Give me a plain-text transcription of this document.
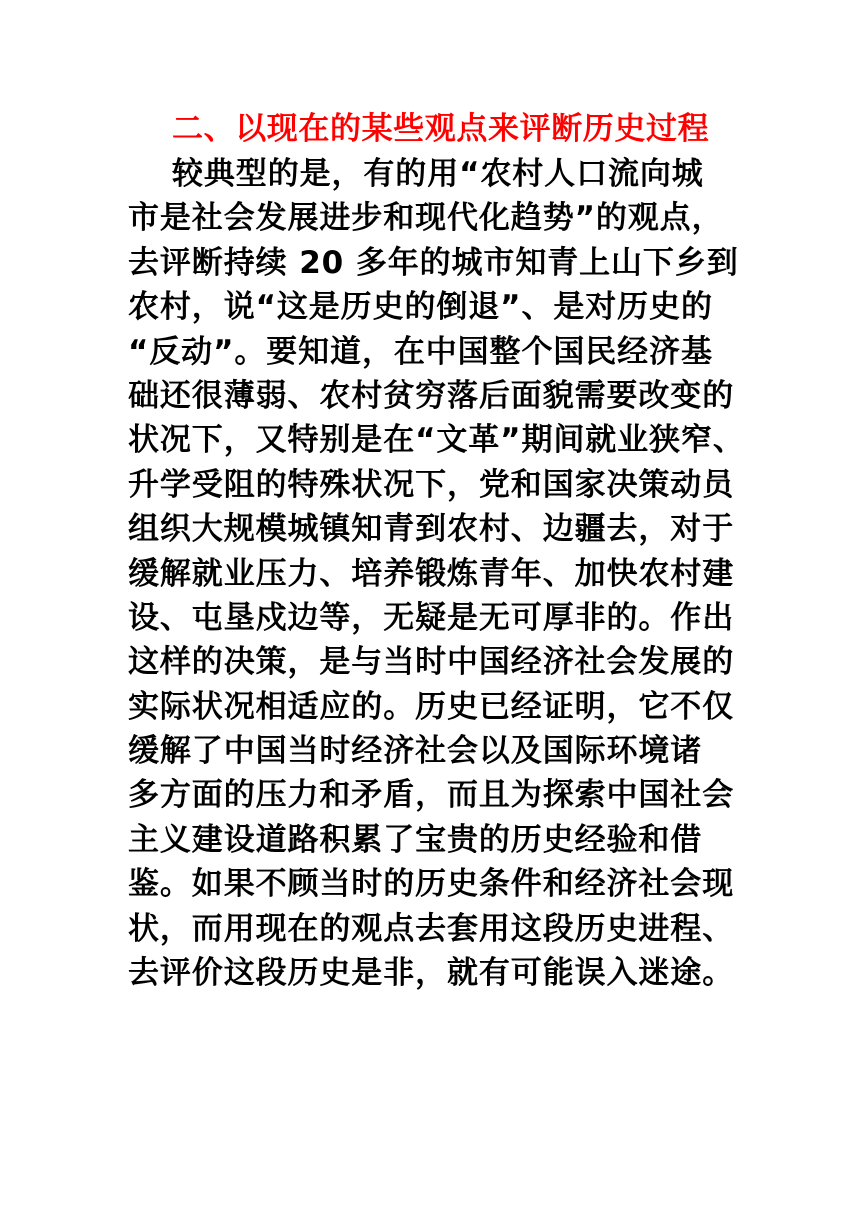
二、以现在的某些观点来评断历史过程
较典型的是，有的用“农村人口流向城
市是社会发展进步和现代化趋势”的观点，
去评断持续 20 多年的城市知青上山下乡到
农村，说“这是历史的倒退”、是对历史的
“反动”。要知道，在中国整个国民经济基
础还很薄弱、农村贫穷落后面貌需要改变的
状况下，又特别是在“文革”期间就业狭窄、
升学受阻的特殊状况下，党和国家决策动员
组织大规模城镇知青到农村、边疆去，对于
缓解就业压力、培养锻炼青年、加快农村建
设、屯垦戍边等，无疑是无可厚非的。作出
这样的决策，是与当时中国经济社会发展的
实际状况相适应的。历史已经证明，它不仅
缓解了中国当时经济社会以及国际环境诸
多方面的压力和矛盾，而且为探索中国社会
主义建设道路积累了宝贵的历史经验和借
鉴。如果不顾当时的历史条件和经济社会现
状，而用现在的观点去套用这段历史进程、
去评价这段历史是非，就有可能误入迷途。
